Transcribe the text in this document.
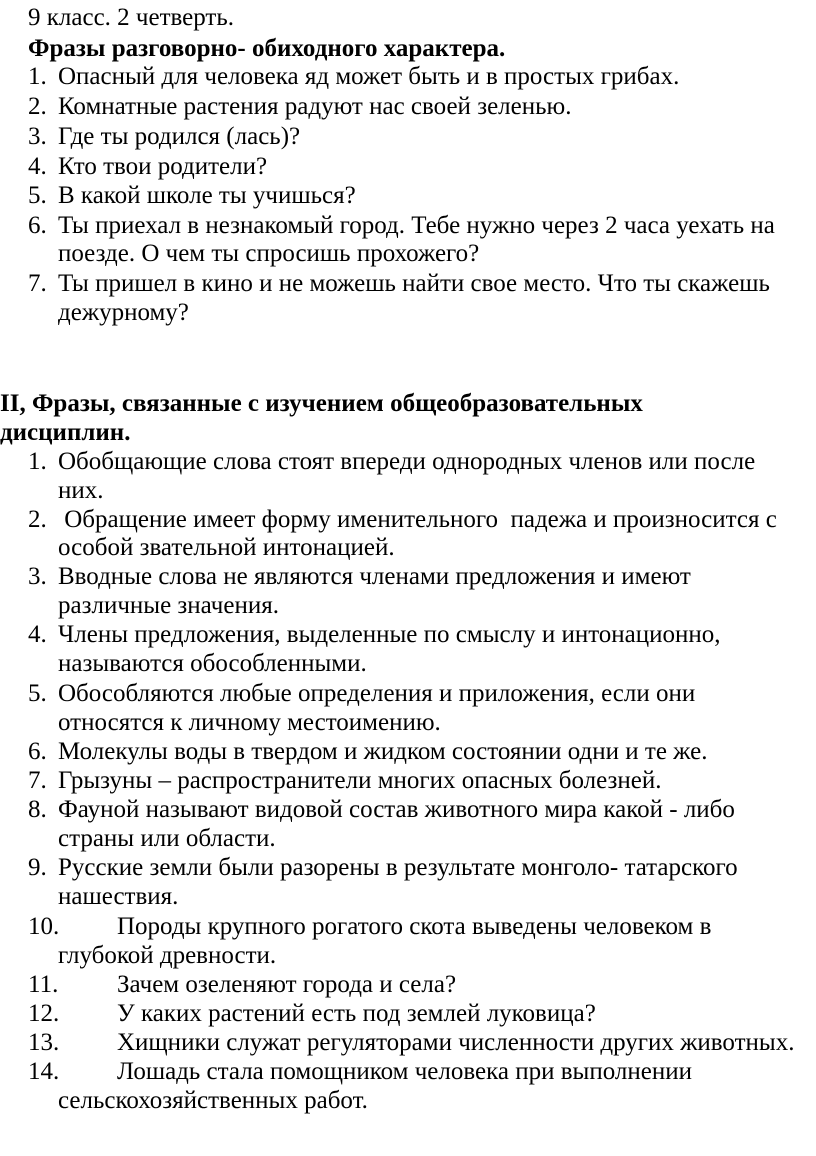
9 класс. 2 четверть.
Фразы разговорно- обиходного характера.
1. Опасный для человека яд может быть и в простых грибах.
2. Комнатные растения радуют нас своей зеленью.
3. Где ты родился (лась)?
4. Кто твои родители?
5. В какой школе ты учишься?
6. Ты приехал в незнакомый город. Тебе нужно через 2 часа уехать на
поезде. О чем ты спросишь прохожего?
7. Ты пришел в кино и не можешь найти свое место. Что ты скажешь
дежурному?
II, Фразы, связанные с изучением общеобразовательных
дисциплин.
1. Обобщающие слова стоят впереди однородных членов или после
них.
2. Обращение имеет форму именительного  падежа и произносится с
особой звательной интонацией.
3. Вводные слова не являются членами предложения и имеют
различные значения.
4. Члены предложения, выделенные по смыслу и интонационно,
называются обособленными.
5. Обособляются любые определения и приложения, если они
относятся к личному местоимению.
6. Молекулы воды в твердом и жидком состоянии одни и те же.
7. Грызуны – распространители многих опасных болезней.
8. Фауной называют видовой состав животного мира какой - либо
страны или области.
9. Русские земли были разорены в результате монголо- татарского
нашествия.
10. Породы крупного рогатого скота выведены человеком в
глубокой древности.
11. Зачем озеленяют города и села?
12. У каких растений есть под землей луковица?
13. Хищники служат регуляторами численности других животных.
14. Лошадь стала помощником человека при выполнении
сельскохозяйственных работ.
